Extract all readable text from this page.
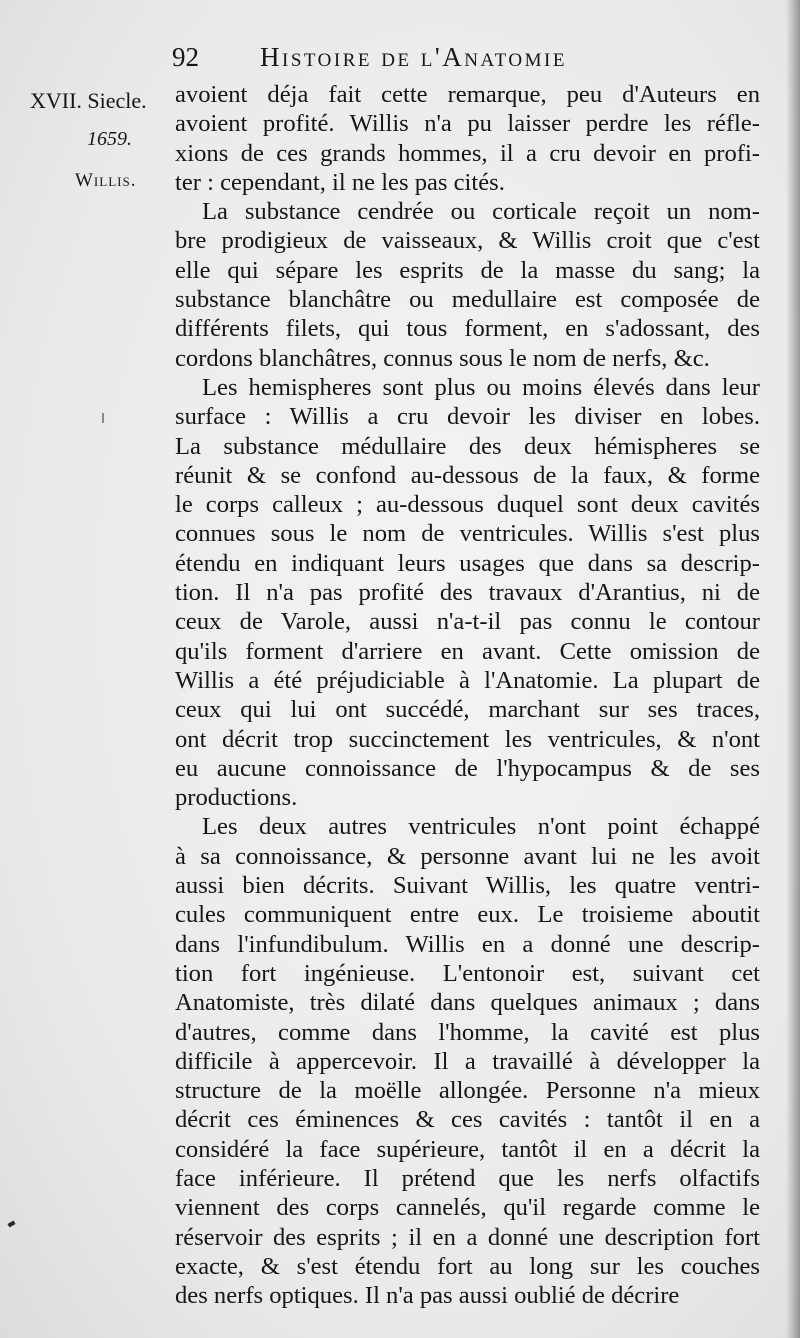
92 Histoire de l'Anatomie
XVII. Siecle.
1659.
Willis.
avoient déja fait cette remarque, peu d'Auteurs en
avoient profité. Willis n'a pu laisser perdre les réfle-
xions de ces grands hommes, il a cru devoir en profi-
ter : cependant, il ne les pas cités.
La substance cendrée ou corticale reçoit un nom-
bre prodigieux de vaisseaux, & Willis croit que c'est
elle qui sépare les esprits de la masse du sang; la
substance blanchâtre ou medullaire est composée de
différents filets, qui tous forment, en s'adossant, des
cordons blanchâtres, connus sous le nom de nerfs, &c.
Les hemispheres sont plus ou moins élevés dans leur
surface : Willis a cru devoir les diviser en lobes.
La substance médullaire des deux hémispheres se
réunit & se confond au-dessous de la faux, & forme
le corps calleux ; au-dessous duquel sont deux cavités
connues sous le nom de ventricules. Willis s'est plus
étendu en indiquant leurs usages que dans sa descrip-
tion. Il n'a pas profité des travaux d'Arantius, ni de
ceux de Varole, aussi n'a-t-il pas connu le contour
qu'ils forment d'arriere en avant. Cette omission de
Willis a été préjudiciable à l'Anatomie. La plupart de
ceux qui lui ont succédé, marchant sur ses traces,
ont décrit trop succinctement les ventricules, & n'ont
eu aucune connoissance de l'hypocampus & de ses
productions.
Les deux autres ventricules n'ont point échappé
à sa connoissance, & personne avant lui ne les avoit
aussi bien décrits. Suivant Willis, les quatre ventri-
cules communiquent entre eux. Le troisieme aboutit
dans l'infundibulum. Willis en a donné une descrip-
tion fort ingénieuse. L'entonoir est, suivant cet
Anatomiste, très dilaté dans quelques animaux ; dans
d'autres, comme dans l'homme, la cavité est plus
difficile à appercevoir. Il a travaillé à développer la
structure de la moëlle allongée. Personne n'a mieux
décrit ces éminences & ces cavités : tantôt il en a
considéré la face supérieure, tantôt il en a décrit la
face inférieure. Il prétend que les nerfs olfactifs
viennent des corps cannelés, qu'il regarde comme le
réservoir des esprits ; il en a donné une description fort
exacte, & s'est étendu fort au long sur les couches
des nerfs optiques. Il n'a pas aussi oublié de décrire
